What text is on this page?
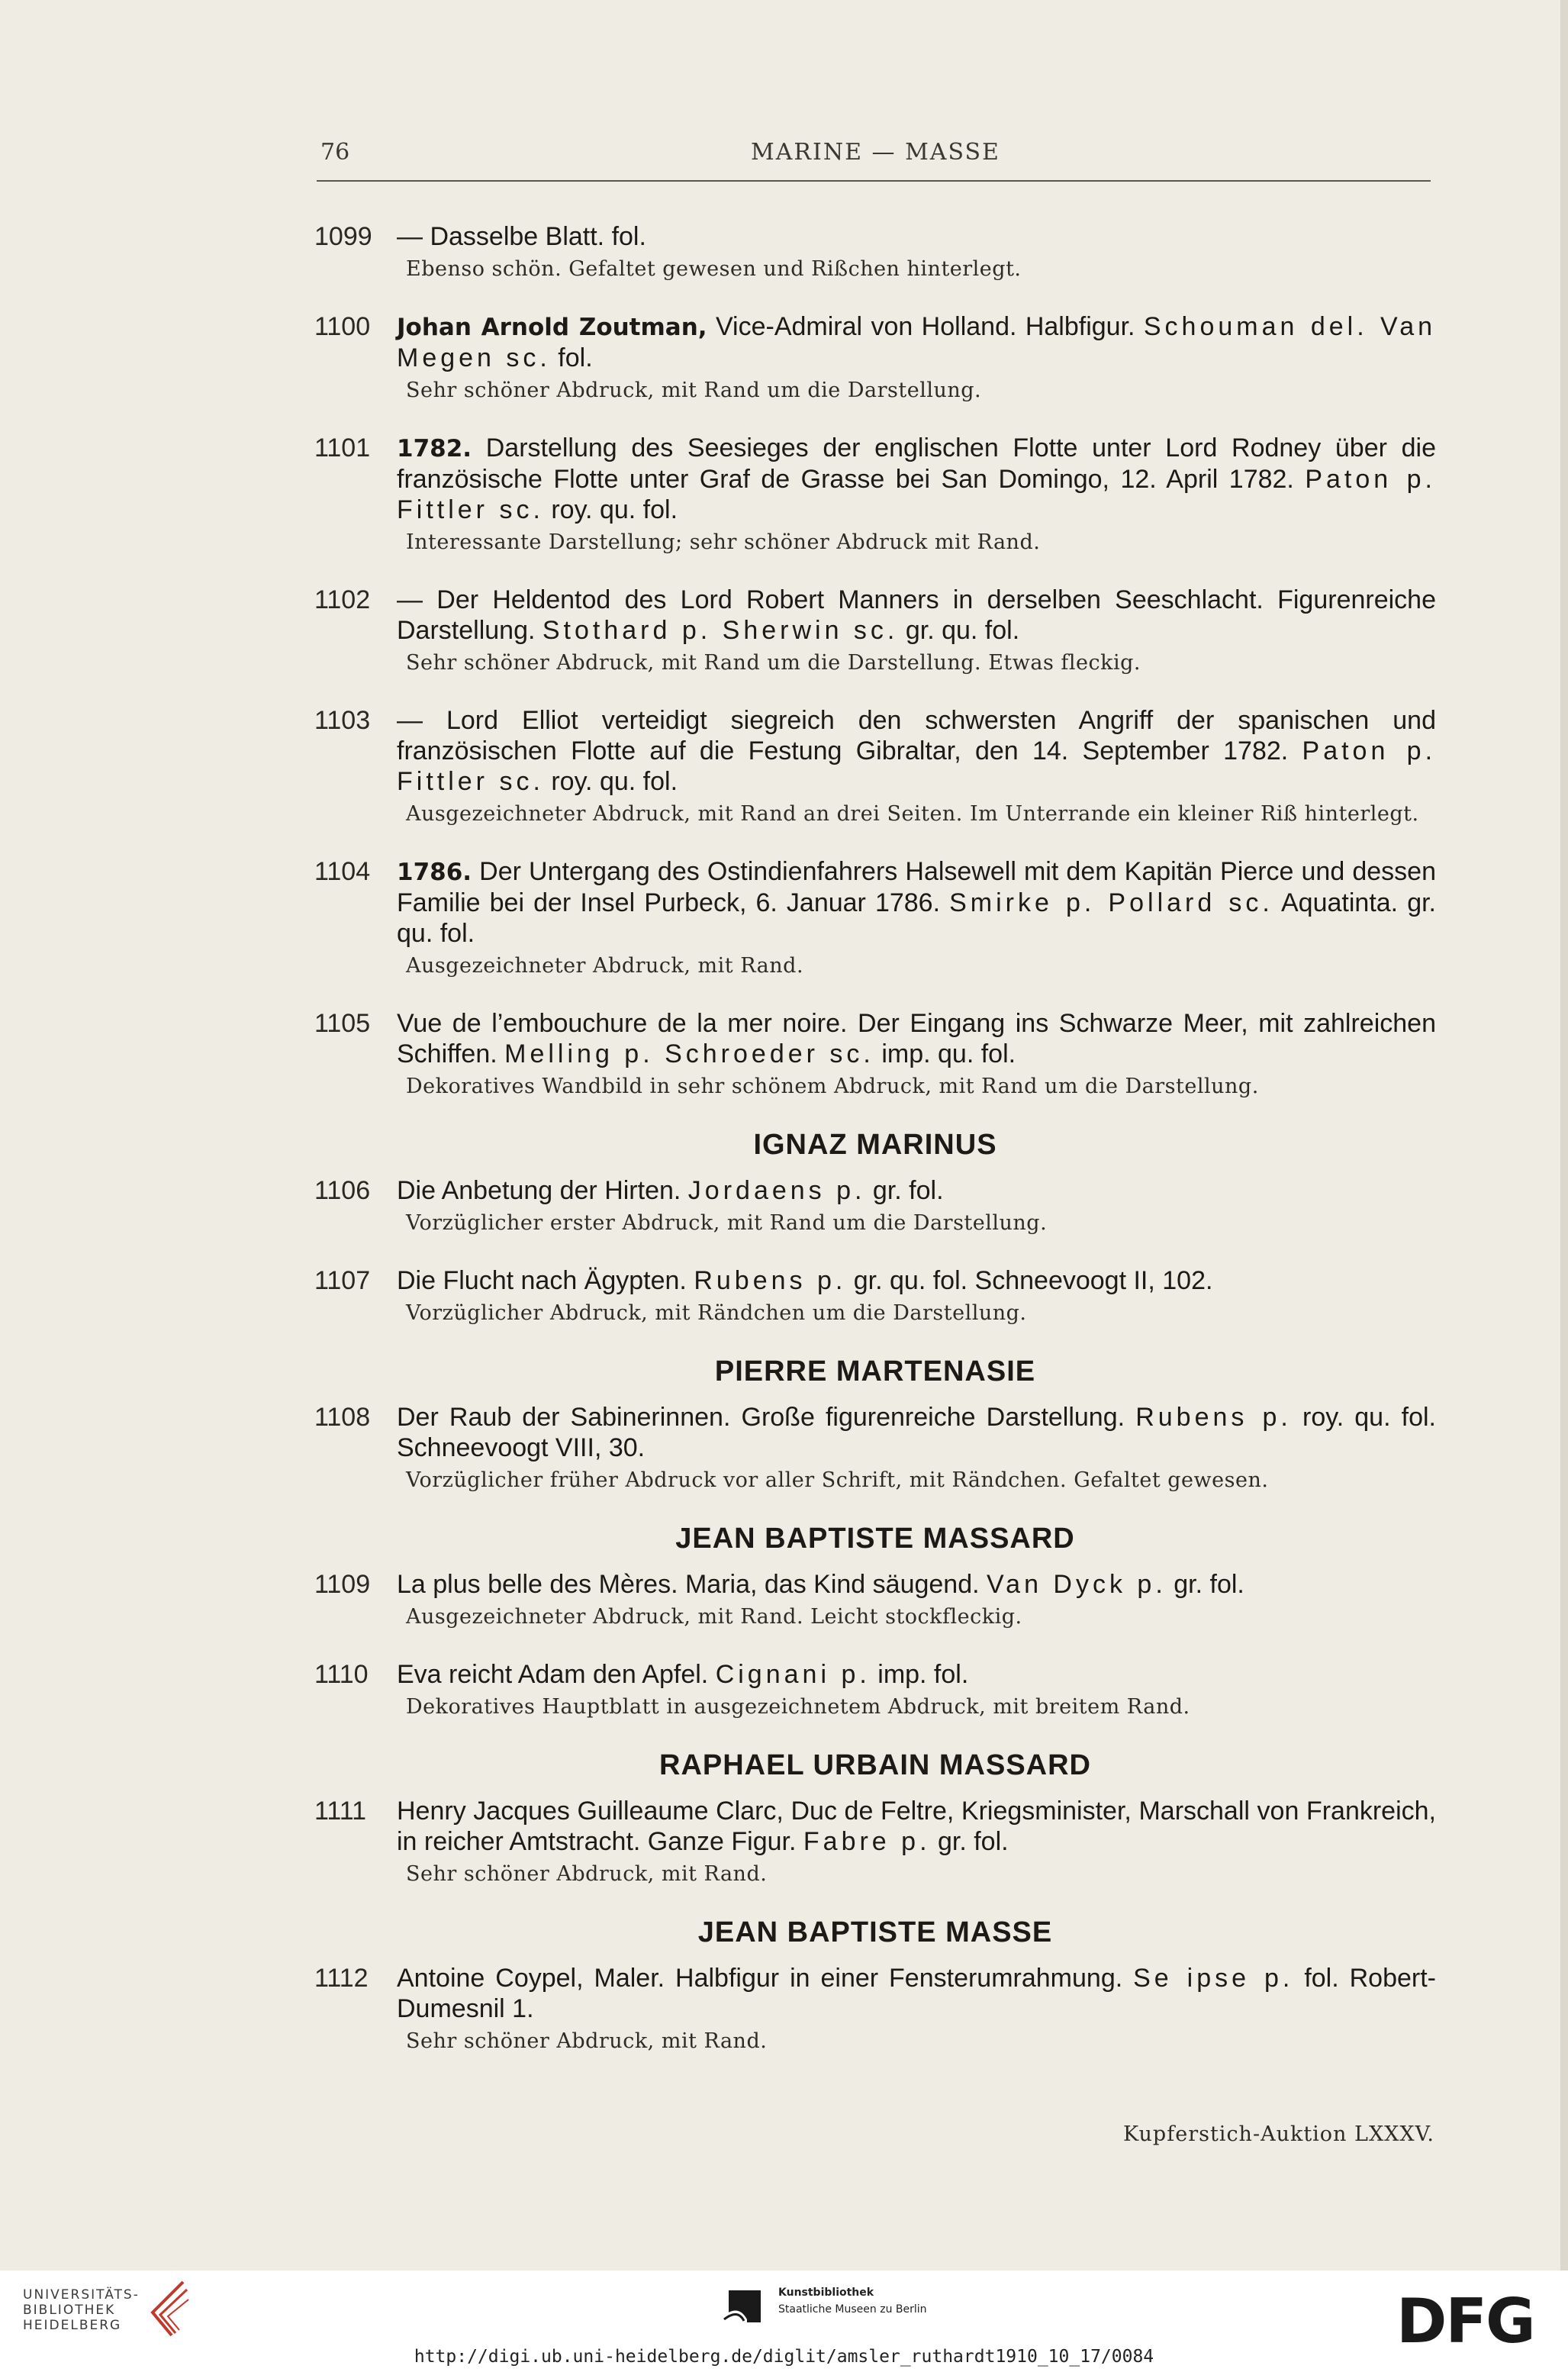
76	MARINE — MASSE
1099 — Dasselbe Blatt. fol.
Ebenso schön. Gefaltet gewesen und Rißchen hinterlegt.
1100 Johan Arnold Zoutman, Vice-Admiral von Holland. Halbfigur. Schouman del. Van Megen sc. fol.
Sehr schöner Abdruck, mit Rand um die Darstellung.
1101 1782. Darstellung des Seesieges der englischen Flotte unter Lord Rodney über die französische Flotte unter Graf de Grasse bei San Domingo, 12. April 1782. Paton p. Fittler sc. roy. qu. fol.
Interessante Darstellung; sehr schöner Abdruck mit Rand.
1102 — Der Heldentod des Lord Robert Manners in derselben Seeschlacht. Figurenreiche Darstellung. Stothard p. Sherwin sc. gr. qu. fol.
Sehr schöner Abdruck, mit Rand um die Darstellung. Etwas fleckig.
1103 — Lord Elliot verteidigt siegreich den schwersten Angriff der spanischen und französischen Flotte auf die Festung Gibraltar, den 14. September 1782. Paton p. Fittler sc. roy. qu. fol.
Ausgezeichneter Abdruck, mit Rand an drei Seiten. Im Unterrande ein kleiner Riß hinterlegt.
1104 1786. Der Untergang des Ostindienfahrers Halsewell mit dem Kapitän Pierce und dessen Familie bei der Insel Purbeck, 6. Januar 1786. Smirke p. Pollard sc. Aquatinta. gr. qu. fol.
Ausgezeichneter Abdruck, mit Rand.
1105 Vue de l’embouchure de la mer noire. Der Eingang ins Schwarze Meer, mit zahlreichen Schiffen. Melling p. Schroeder sc. imp. qu. fol.
Dekoratives Wandbild in sehr schönem Abdruck, mit Rand um die Darstellung.
IGNAZ MARINUS
1106 Die Anbetung der Hirten. Jordaens p. gr. fol.
Vorzüglicher erster Abdruck, mit Rand um die Darstellung.
1107 Die Flucht nach Ägypten. Rubens p. gr. qu. fol. Schneevoogt II, 102.
Vorzüglicher Abdruck, mit Rändchen um die Darstellung.
PIERRE MARTENASIE
1108 Der Raub der Sabinerinnen. Große figurenreiche Darstellung. Rubens p. roy. qu. fol. Schneevoogt VIII, 30.
Vorzüglicher früher Abdruck vor aller Schrift, mit Rändchen. Gefaltet gewesen.
JEAN BAPTISTE MASSARD
1109 La plus belle des Mères. Maria, das Kind säugend. Van Dyck p. gr. fol.
Ausgezeichneter Abdruck, mit Rand. Leicht stockfleckig.
1110 Eva reicht Adam den Apfel. Cignani p. imp. fol.
Dekoratives Hauptblatt in ausgezeichnetem Abdruck, mit breitem Rand.
RAPHAEL URBAIN MASSARD
1111 Henry Jacques Guilleaume Clarc, Duc de Feltre, Kriegsminister, Marschall von Frankreich, in reicher Amtstracht. Ganze Figur. Fabre p. gr. fol.
Sehr schöner Abdruck, mit Rand.
JEAN BAPTISTE MASSE
1112 Antoine Coypel, Maler. Halbfigur in einer Fensterumrahmung. Se ipse p. fol. Robert-Dumesnil 1.
Sehr schöner Abdruck, mit Rand.
Kupferstich-Auktion LXXXV.
UNIVERSITÄTS-
BIBLIOTHEK
HEIDELBERG
Kunstbibliothek
Staatliche Museen zu Berlin	DFG
http://digi.ub.uni-heidelberg.de/diglit/amsler_ruthardt1910_10_17/0084
